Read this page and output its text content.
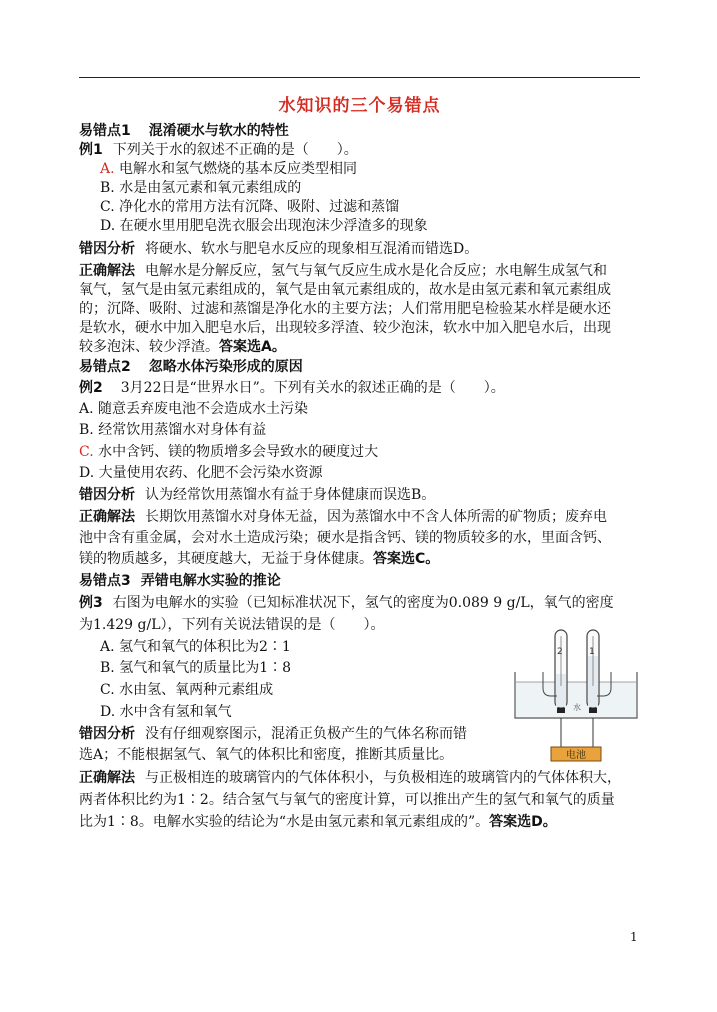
水知识的三个易错点
易错点1 混淆硬水与软水的特性
例1 下列关于水的叙述不正确的是（　　）。
A. 电解水和氢气燃烧的基本反应类型相同
B. 水是由氢元素和氧元素组成的
C. 净化水的常用方法有沉降、吸附、过滤和蒸馏
D. 在硬水里用肥皂洗衣服会出现泡沫少浮渣多的现象
错因分析 将硬水、软水与肥皂水反应的现象相互混淆而错选D。
正确解法 电解水是分解反应，氢气与氧气反应生成水是化合反应；水电解生成氢气和
氧气，氢气是由氢元素组成的，氧气是由氧元素组成的，故水是由氢元素和氧元素组成
的；沉降、吸附、过滤和蒸馏是净化水的主要方法；人们常用肥皂检验某水样是硬水还
是软水，硬水中加入肥皂水后，出现较多浮渣、较少泡沫，软水中加入肥皂水后，出现
较多泡沫、较少浮渣。答案选A。
易错点2 忽略水体污染形成的原因
例2 3月22日是“世界水日”。下列有关水的叙述正确的是（　　）。
A. 随意丢弃废电池不会造成水土污染
B. 经常饮用蒸馏水对身体有益
C. 水中含钙、镁的物质增多会导致水的硬度过大
D. 大量使用农药、化肥不会污染水资源
错因分析 认为经常饮用蒸馏水有益于身体健康而误选B。
正确解法 长期饮用蒸馏水对身体无益，因为蒸馏水中不含人体所需的矿物质；废弃电
池中含有重金属，会对水土造成污染；硬水是指含钙、镁的物质较多的水，里面含钙、
镁的物质越多，其硬度越大，无益于身体健康。答案选C。
易错点3 弄错电解水实验的推论
例3 右图为电解水的实验（已知标准状况下，氢气的密度为0.089 9 g/L，氧气的密度
为1.429 g/L），下列有关说法错误的是（　　）。
A. 氢气和氧气的体积比为2∶1
B. 氢气和氧气的质量比为1∶8
C. 水由氢、氧两种元素组成
D. 水中含有氢和氧气
错因分析 没有仔细观察图示，混淆正负极产生的气体名称而错
选A；不能根据氢气、氧气的体积比和密度，推断其质量比。
正确解法 与正极相连的玻璃管内的气体体积小，与负极相连的玻璃管内的气体体积大，
两者体积比约为1∶2。结合氢气与氧气的密度计算，可以推出产生的氢气和氧气的质量
比为1∶8。电解水实验的结论为“水是由氢元素和氧元素组成的”。答案选D。
2	1
水
电池
1
